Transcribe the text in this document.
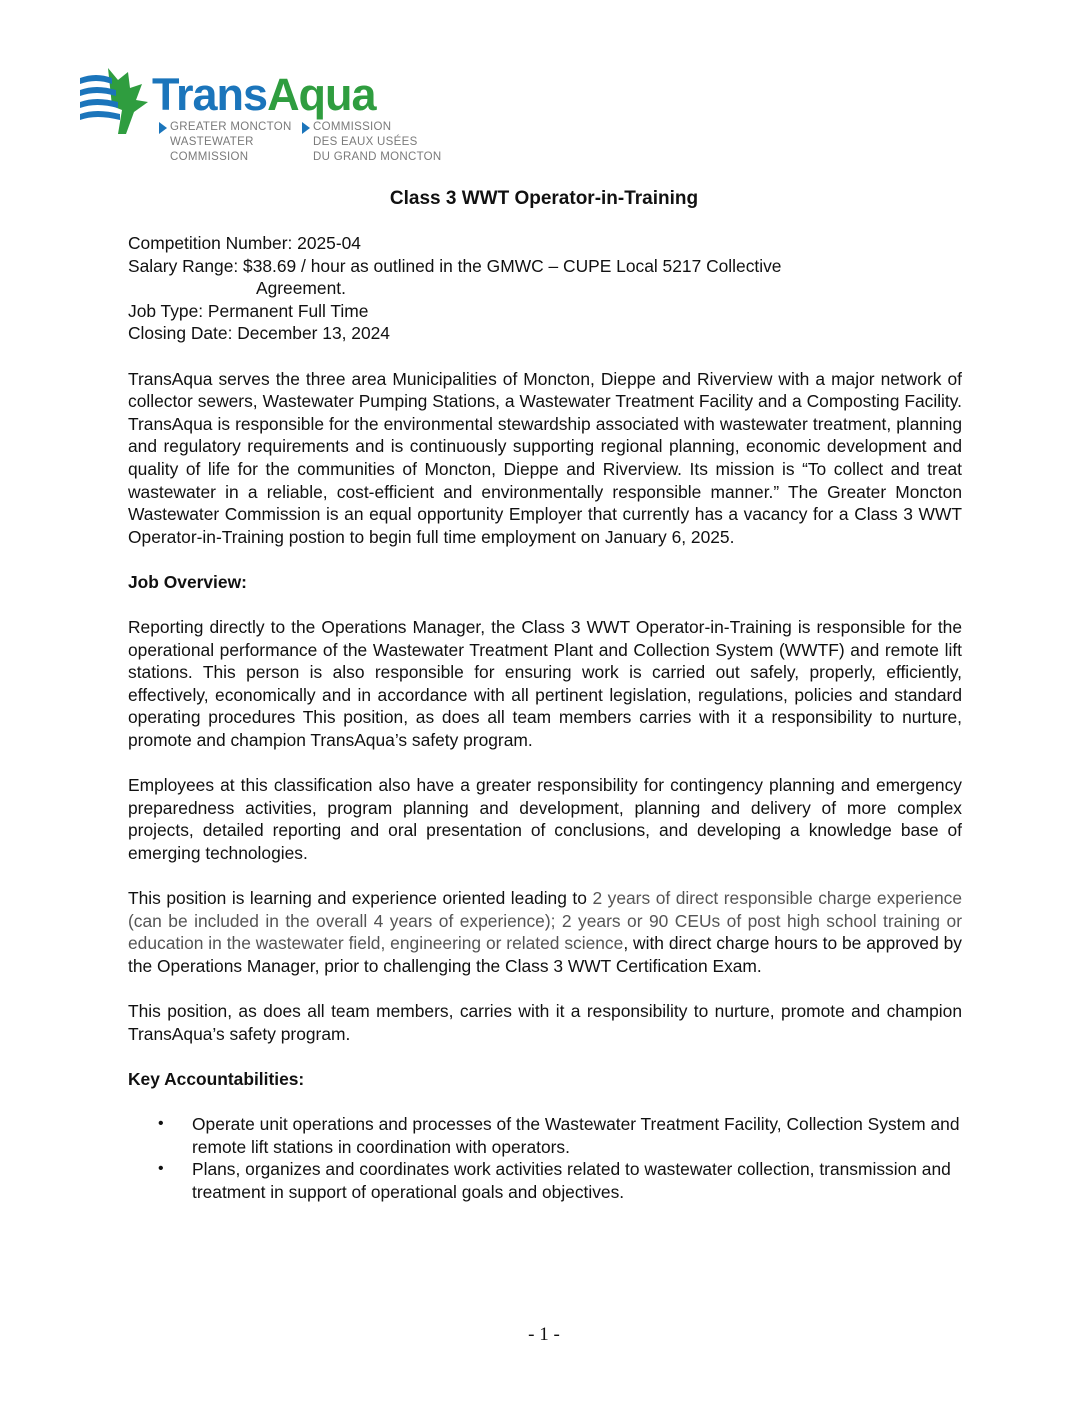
TransAqua
GREATER MONCTON
WASTEWATER
COMMISSION
COMMISSION
DES EAUX USÉES
DU GRAND MONCTON
Class 3 WWT Operator-in-Training
Competition Number: 2025-04
Salary Range: $38.69 / hour as outlined in the GMWC – CUPE Local 5217 Collective
Agreement.
Job Type: Permanent Full Time
Closing Date: December 13, 2024

TransAqua serves the three area Municipalities of Moncton, Dieppe and Riverview with a major network of collector sewers, Wastewater Pumping Stations, a Wastewater Treatment Facility and a Composting Facility. TransAqua is responsible for the environmental stewardship associated with wastewater treatment, planning and regulatory requirements and is continuously supporting regional planning, economic development and quality of life for the communities of Moncton, Dieppe and Riverview. Its mission is “To collect and treat wastewater in a reliable, cost-efficient and environmentally responsible manner.” The Greater Moncton Wastewater Commission is an equal opportunity Employer that currently has a vacancy for a Class 3 WWT Operator-in-Training postion to begin full time employment on January 6, 2025.

Job Overview:

Reporting directly to the Operations Manager, the Class 3 WWT Operator-in-Training is responsible for the operational performance of the Wastewater Treatment Plant and Collection System (WWTF) and remote lift stations. This person is also responsible for ensuring work is carried out safely, properly, efficiently, effectively, economically and in accordance with all pertinent legislation, regulations, policies and standard operating procedures This position, as does all team members carries with it a responsibility to nurture, promote and champion TransAqua’s safety program.

Employees at this classification also have a greater responsibility for contingency planning and emergency preparedness activities, program planning and development, planning and delivery of more complex projects, detailed reporting and oral presentation of conclusions, and developing a knowledge base of emerging technologies.

This position is learning and experience oriented leading to 2 years of direct responsible charge experience (can be included in the overall 4 years of experience); 2 years or 90 CEUs of post high school training or education in the wastewater field, engineering or related science, with direct charge hours to be approved by the Operations Manager, prior to challenging the Class 3 WWT Certification Exam.

This position, as does all team members, carries with it a responsibility to nurture, promote and champion TransAqua’s safety program.

Key Accountabilities:
• Operate unit operations and processes of the Wastewater Treatment Facility, Collection System and remote lift stations in coordination with operators.
• Plans, organizes and coordinates work activities related to wastewater collection, transmission and treatment in support of operational goals and objectives.
- 1 -
